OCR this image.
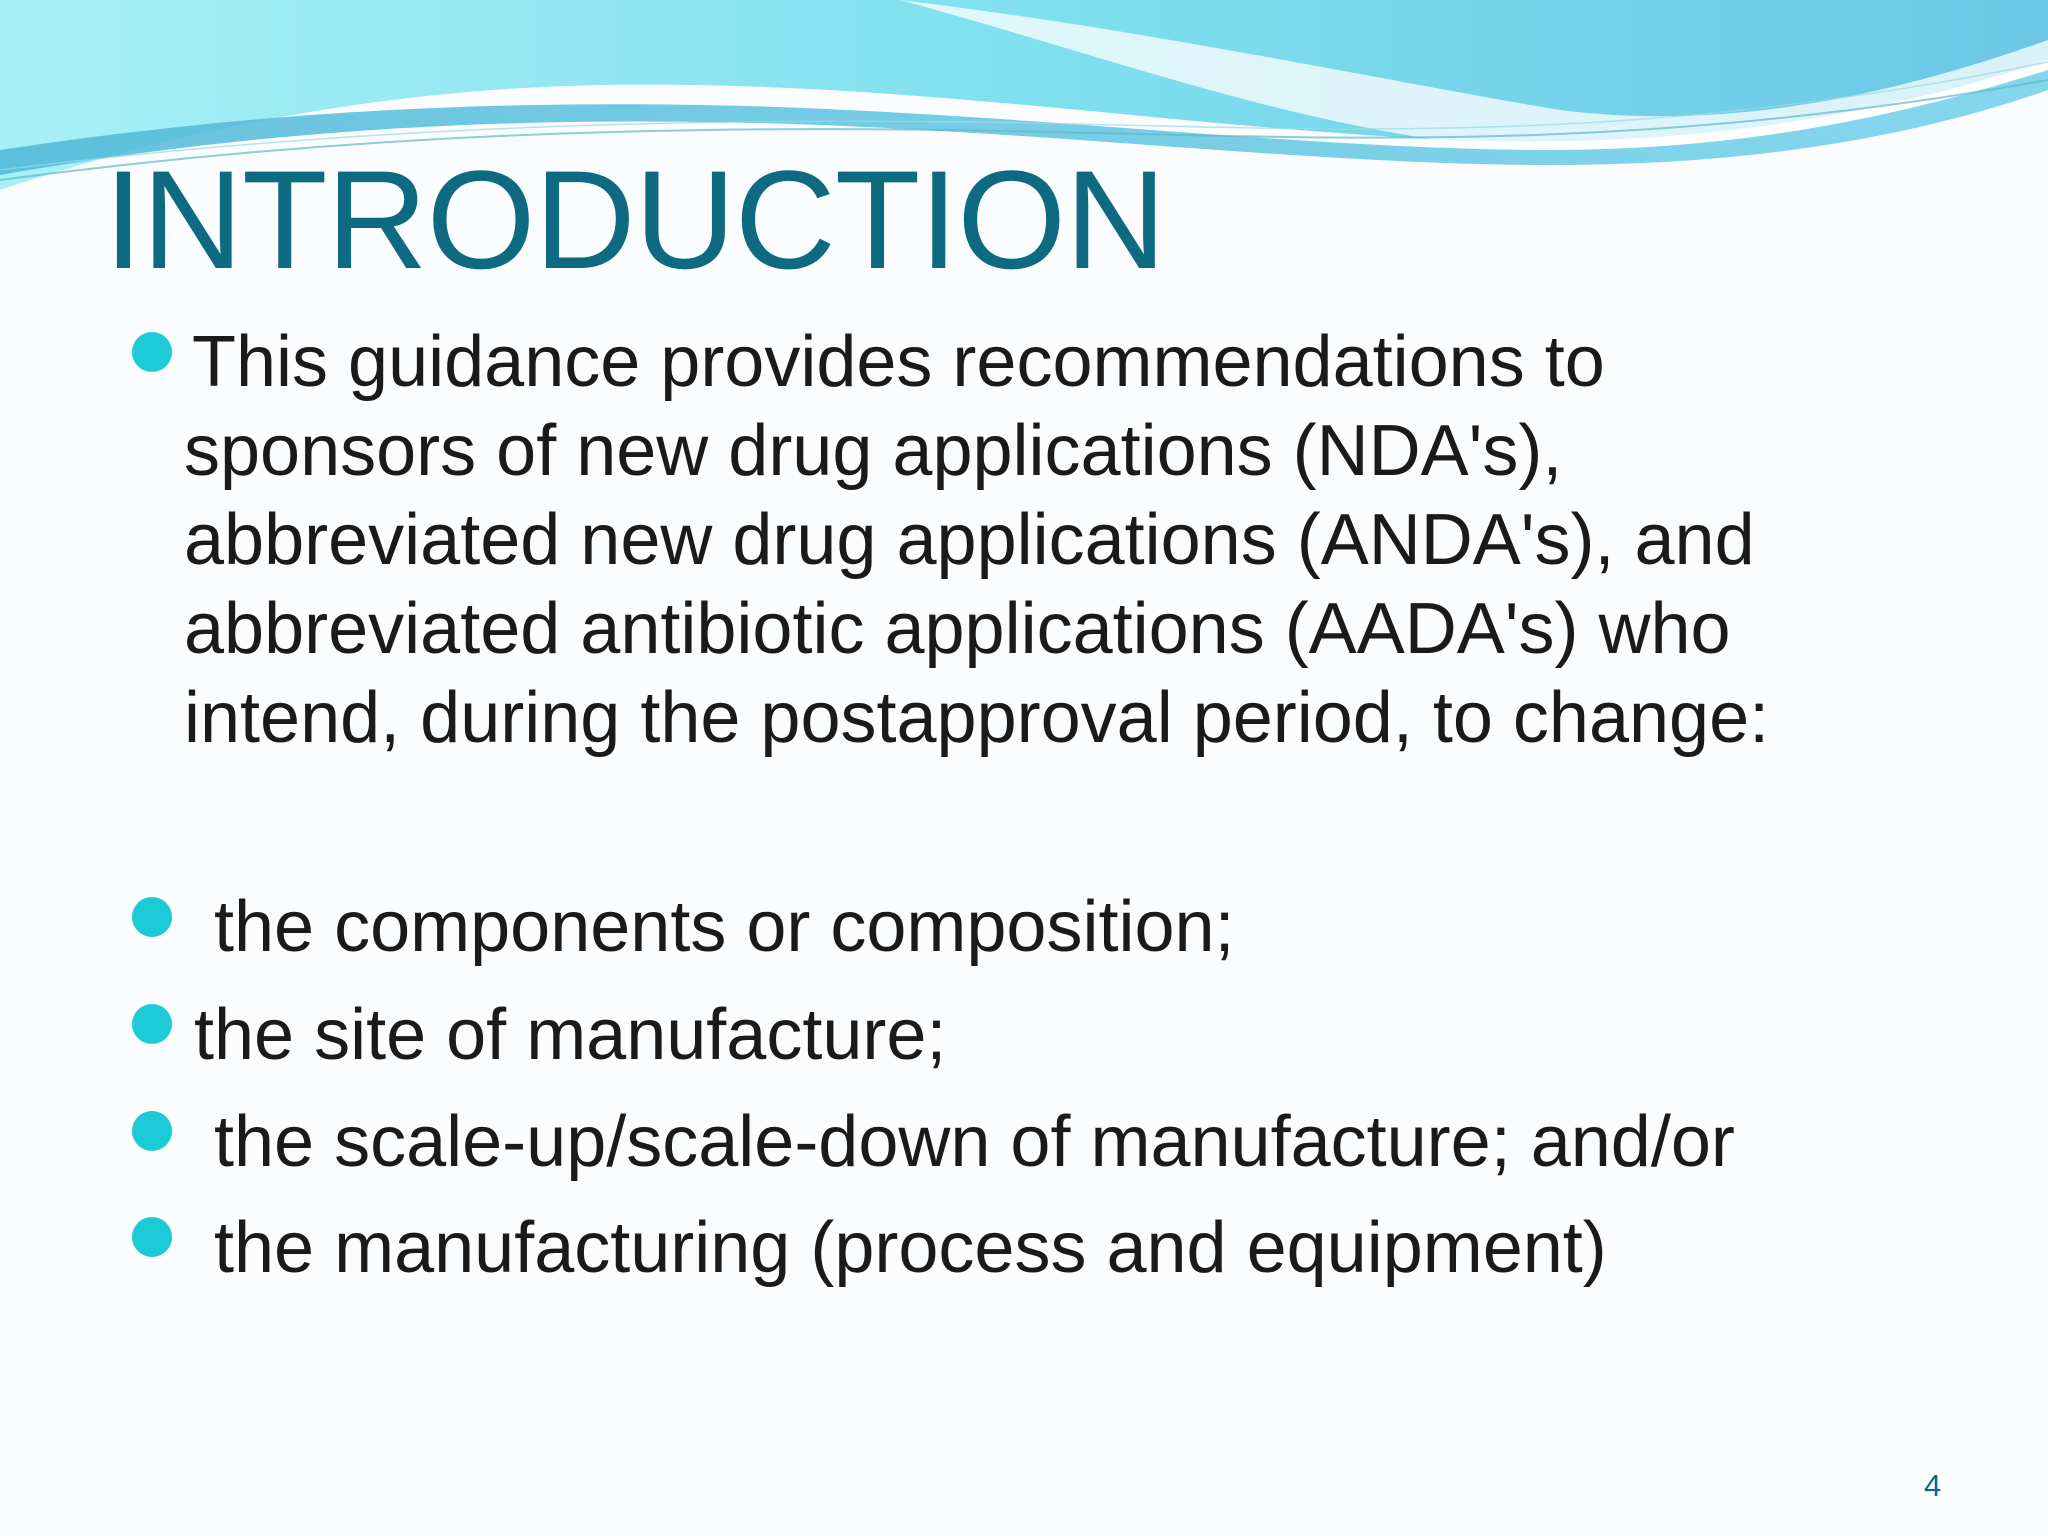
INTRODUCTION

This guidance provides recommendations to

sponsors of new drug applications (NDA's),

abbreviated new drug applications (ANDA's), and

abbreviated antibiotic applications (AADA's) who

intend, during the postapproval period, to change:

the components or composition;

the site of manufacture;

the scale-up/scale-down of manufacture; and/or

the manufacturing (process and equipment)

4
